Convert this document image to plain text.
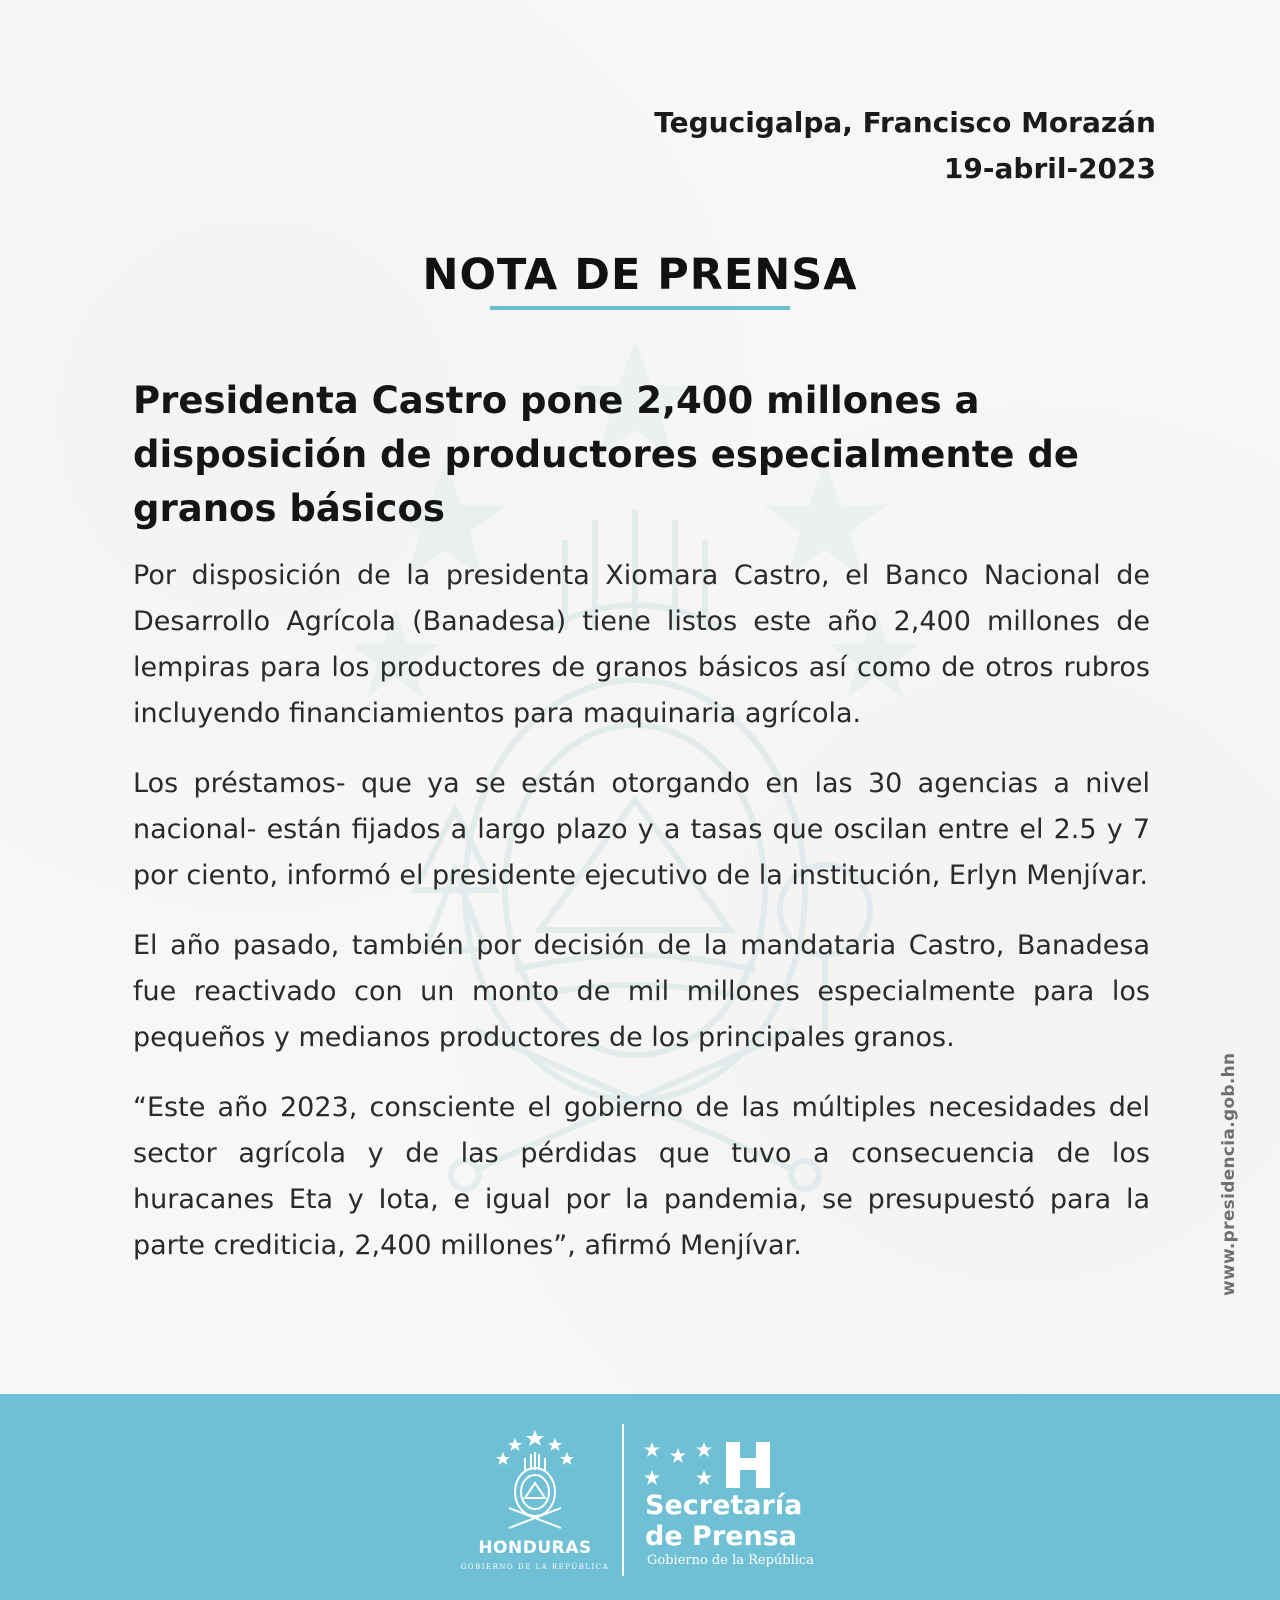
Tegucigalpa, Francisco Morazán
19-abril-2023
NOTA DE PRENSA
Presidenta Castro pone 2,400 millones a disposición de productores especialmente de granos básicos

Por disposición de la presidenta Xiomara Castro, el Banco Nacional de Desarrollo Agrícola (Banadesa) tiene listos este año 2,400 millones de lempiras para los productores de granos básicos así como de otros rubros incluyendo financiamientos para maquinaria agrícola.

Los préstamos- que ya se están otorgando en las 30 agencias a nivel nacional- están fijados a largo plazo y a tasas que oscilan entre el 2.5 y 7 por ciento, informó el presidente ejecutivo de la institución, Erlyn Menjívar.

El año pasado, también por decisión de la mandataria Castro, Banadesa fue reactivado con un monto de mil millones especialmente para los pequeños y medianos productores de los principales granos.

“Este año 2023, consciente el gobierno de las múltiples necesidades del sector agrícola y de las pérdidas que tuvo a consecuencia de los huracanes Eta y Iota, e igual por la pandemia, se presupuestó para la parte crediticia, 2,400 millones”, afirmó Menjívar.	www.presidencia.gob.hn
HONDURAS
GOBIERNO DE LA REPÚBLICA
Secretaría
de Prensa
Gobierno de la República
